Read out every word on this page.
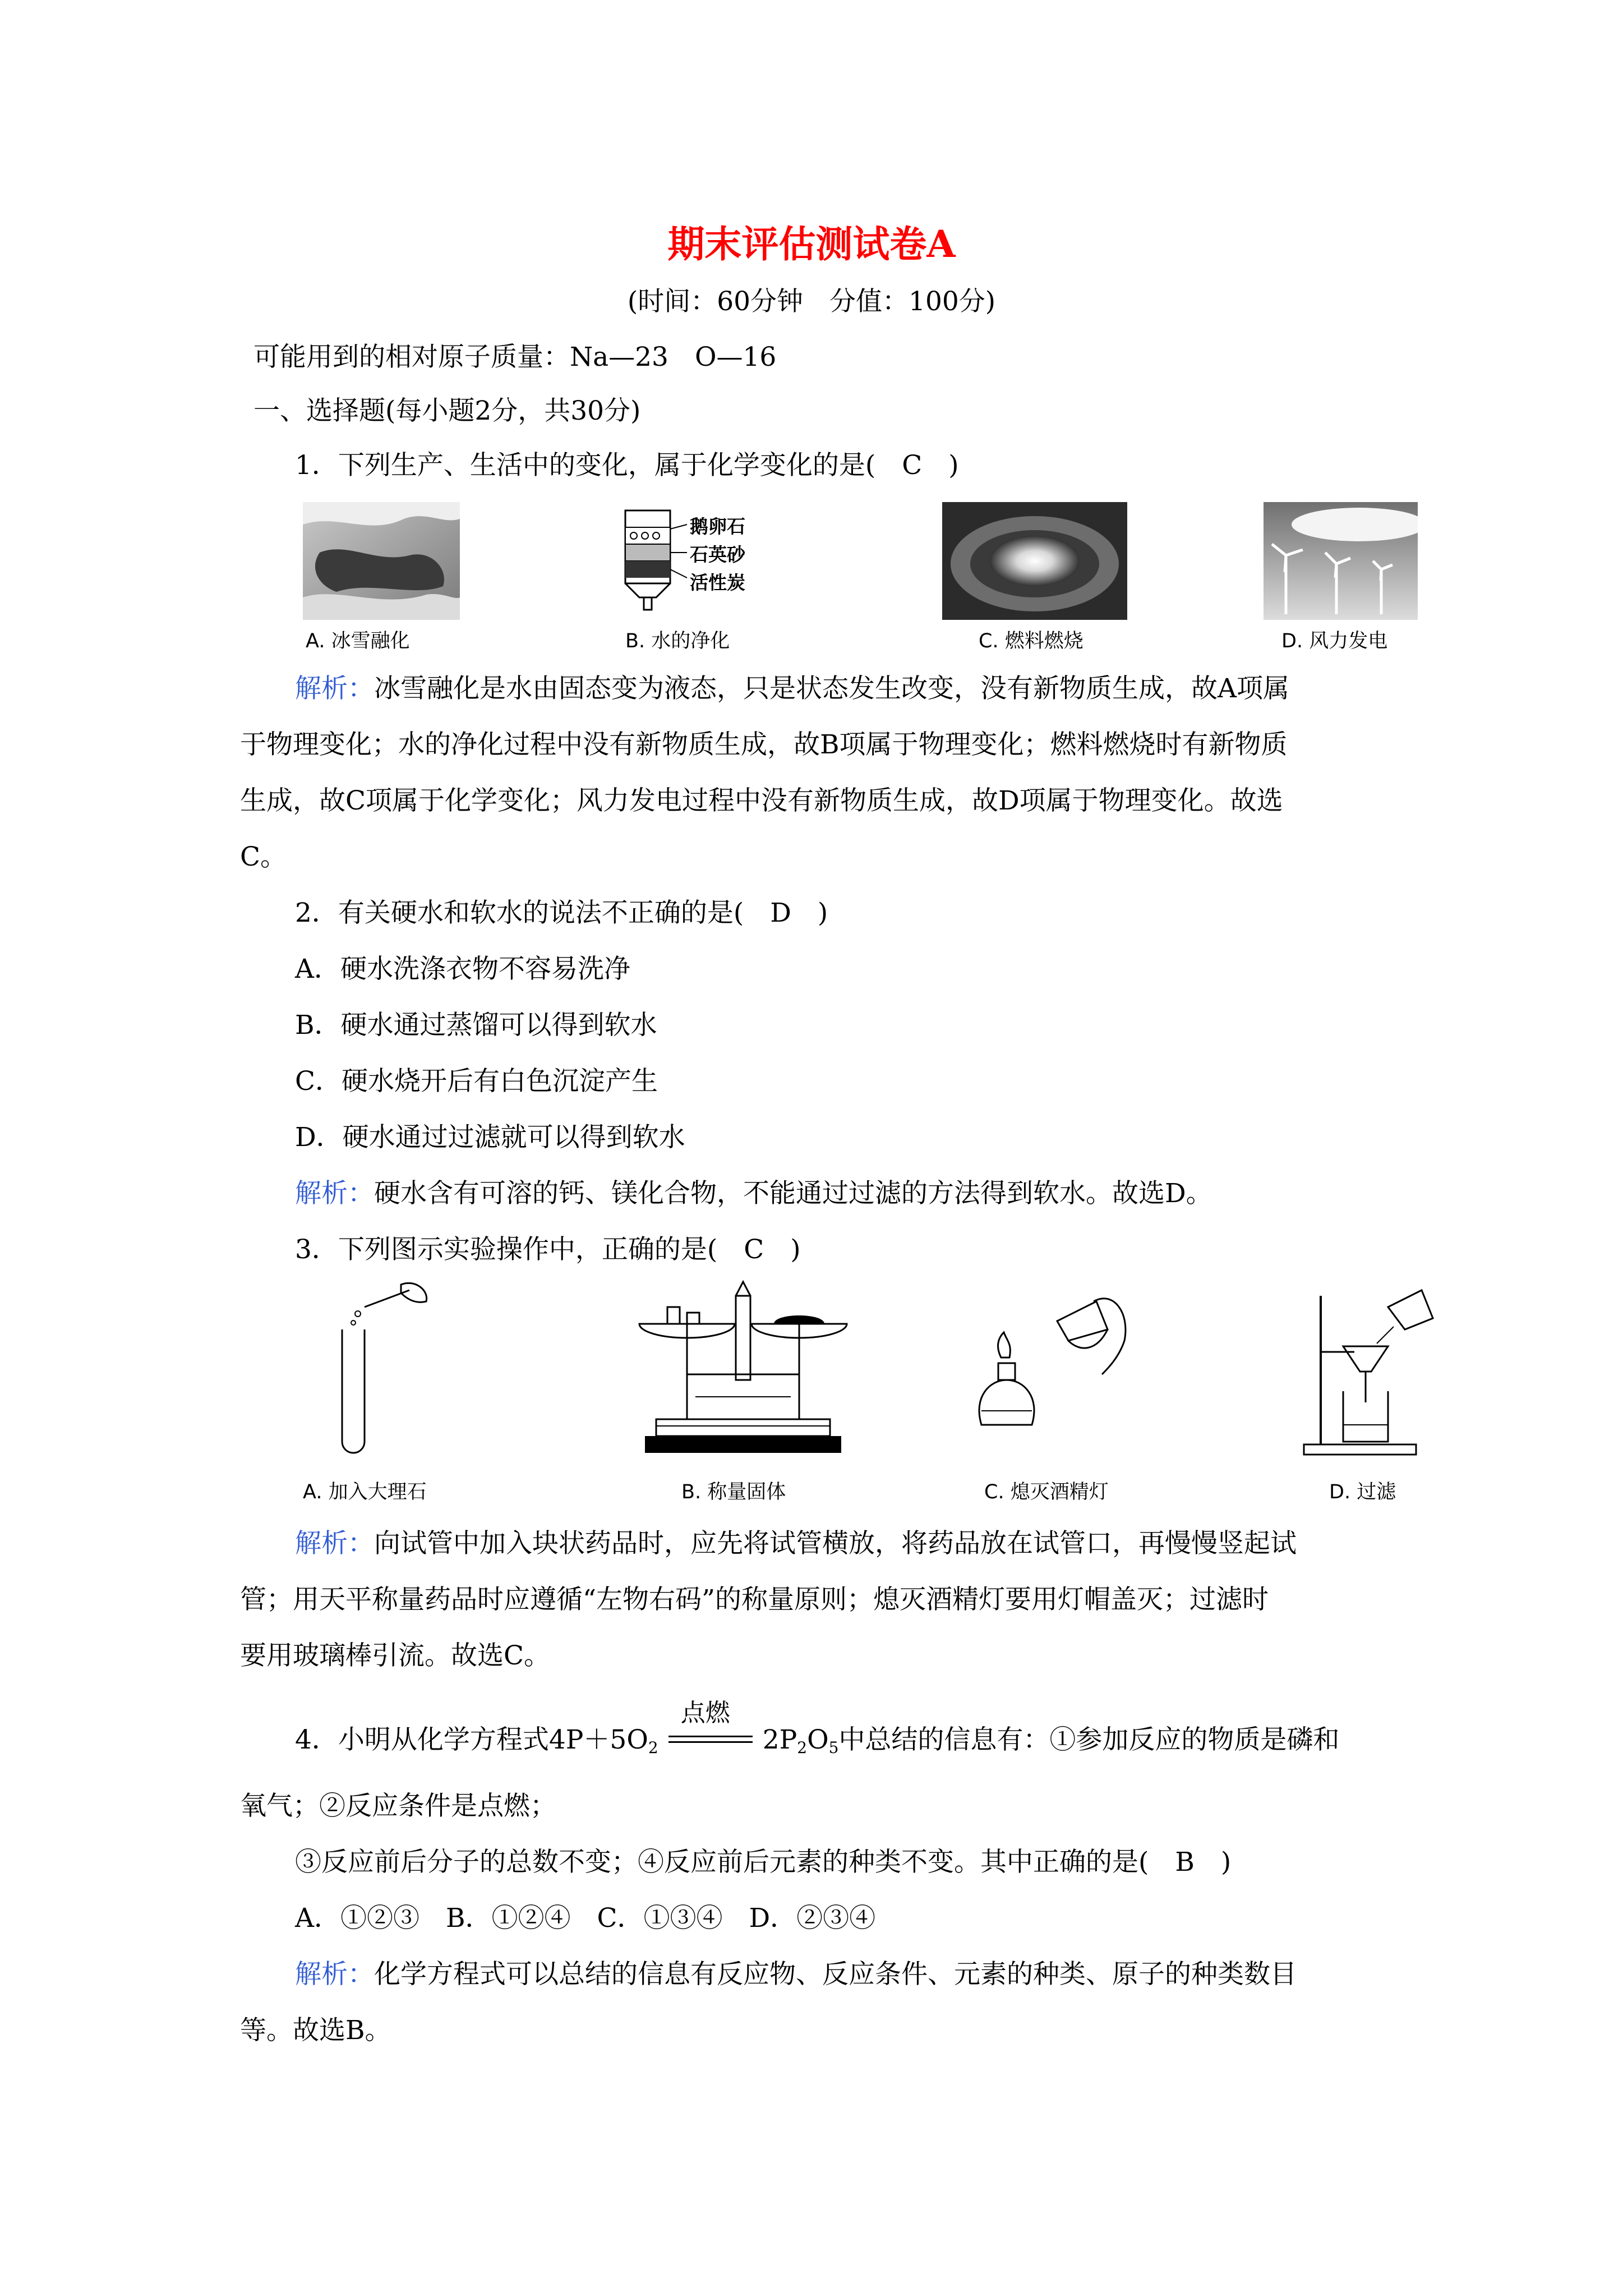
期末评估测试卷A
(时间：60分钟　分值：100分)
可能用到的相对原子质量：Na—23　O—16
一、选择题(每小题2分，共30分)
1．下列生产、生活中的变化，属于化学变化的是(　C　)
鹅卵石
石英砂
活性炭
A. 冰雪融化	B. 水的净化	C. 燃料燃烧	D. 风力发电
解析：冰雪融化是水由固态变为液态，只是状态发生改变，没有新物质生成，故A项属
于物理变化；水的净化过程中没有新物质生成，故B项属于物理变化；燃料燃烧时有新物质
生成，故C项属于化学变化；风力发电过程中没有新物质生成，故D项属于物理变化。故选
C。
2．有关硬水和软水的说法不正确的是(　D　)
A．硬水洗涤衣物不容易洗净
B．硬水通过蒸馏可以得到软水
C．硬水烧开后有白色沉淀产生
D．硬水通过过滤就可以得到软水
解析：硬水含有可溶的钙、镁化合物，不能通过过滤的方法得到软水。故选D。
3．下列图示实验操作中，正确的是(　C　)
A. 加入大理石	B. 称量固体	C. 熄灭酒精灯	D. 过滤
解析：向试管中加入块状药品时，应先将试管横放，将药品放在试管口，再慢慢竖起试
管；用天平称量药品时应遵循“左物右码”的称量原则；熄灭酒精灯要用灯帽盖灭；过滤时
要用玻璃棒引流。故选C。
4．小明从化学方程式$4P+5O_2$
点燃
$2P_2O_5$中总结的信息有：①参加反应的物质是磷和
氧气；②反应条件是点燃；
③反应前后分子的总数不变；④反应前后元素的种类不变。其中正确的是(　B　)
A．①②③　B．①②④　C．①③④　D．②③④
解析：化学方程式可以总结的信息有反应物、反应条件、元素的种类、原子的种类数目
等。故选B。
